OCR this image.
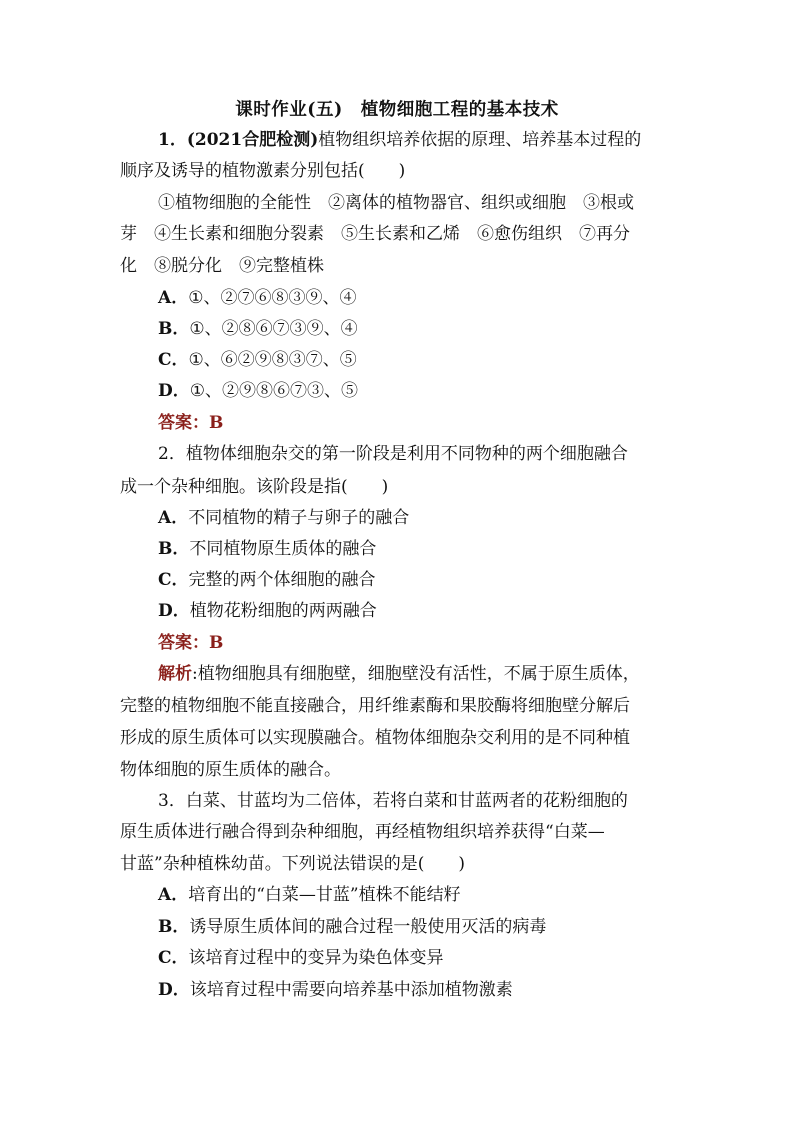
课时作业(五)　植物细胞工程的基本技术
1．(2021合肥检测)植物组织培养依据的原理、培养基本过程的
顺序及诱导的植物激素分别包括(　　)
①植物细胞的全能性　②离体的植物器官、组织或细胞　③根或
芽　④生长素和细胞分裂素　⑤生长素和乙烯　⑥愈伤组织　⑦再分
化　⑧脱分化　⑨完整植株
A．①、②⑦⑥⑧③⑨、④
B．①、②⑧⑥⑦③⑨、④
C．①、⑥②⑨⑧③⑦、⑤
D．①、②⑨⑧⑥⑦③、⑤
答案：B
2．植物体细胞杂交的第一阶段是利用不同物种的两个细胞融合
成一个杂种细胞。该阶段是指(　　)
A．不同植物的精子与卵子的融合
B．不同植物原生质体的融合
C．完整的两个体细胞的融合
D．植物花粉细胞的两两融合
答案：B
解析:植物细胞具有细胞壁，细胞壁没有活性，不属于原生质体，
完整的植物细胞不能直接融合，用纤维素酶和果胶酶将细胞壁分解后
形成的原生质体可以实现膜融合。植物体细胞杂交利用的是不同种植
物体细胞的原生质体的融合。
3．白菜、甘蓝均为二倍体，若将白菜和甘蓝两者的花粉细胞的
原生质体进行融合得到杂种细胞，再经植物组织培养获得“白菜—
甘蓝”杂种植株幼苗。下列说法错误的是(　　)
A．培育出的“白菜—甘蓝”植株不能结籽
B．诱导原生质体间的融合过程一般使用灭活的病毒
C．该培育过程中的变异为染色体变异
D．该培育过程中需要向培养基中添加植物激素
